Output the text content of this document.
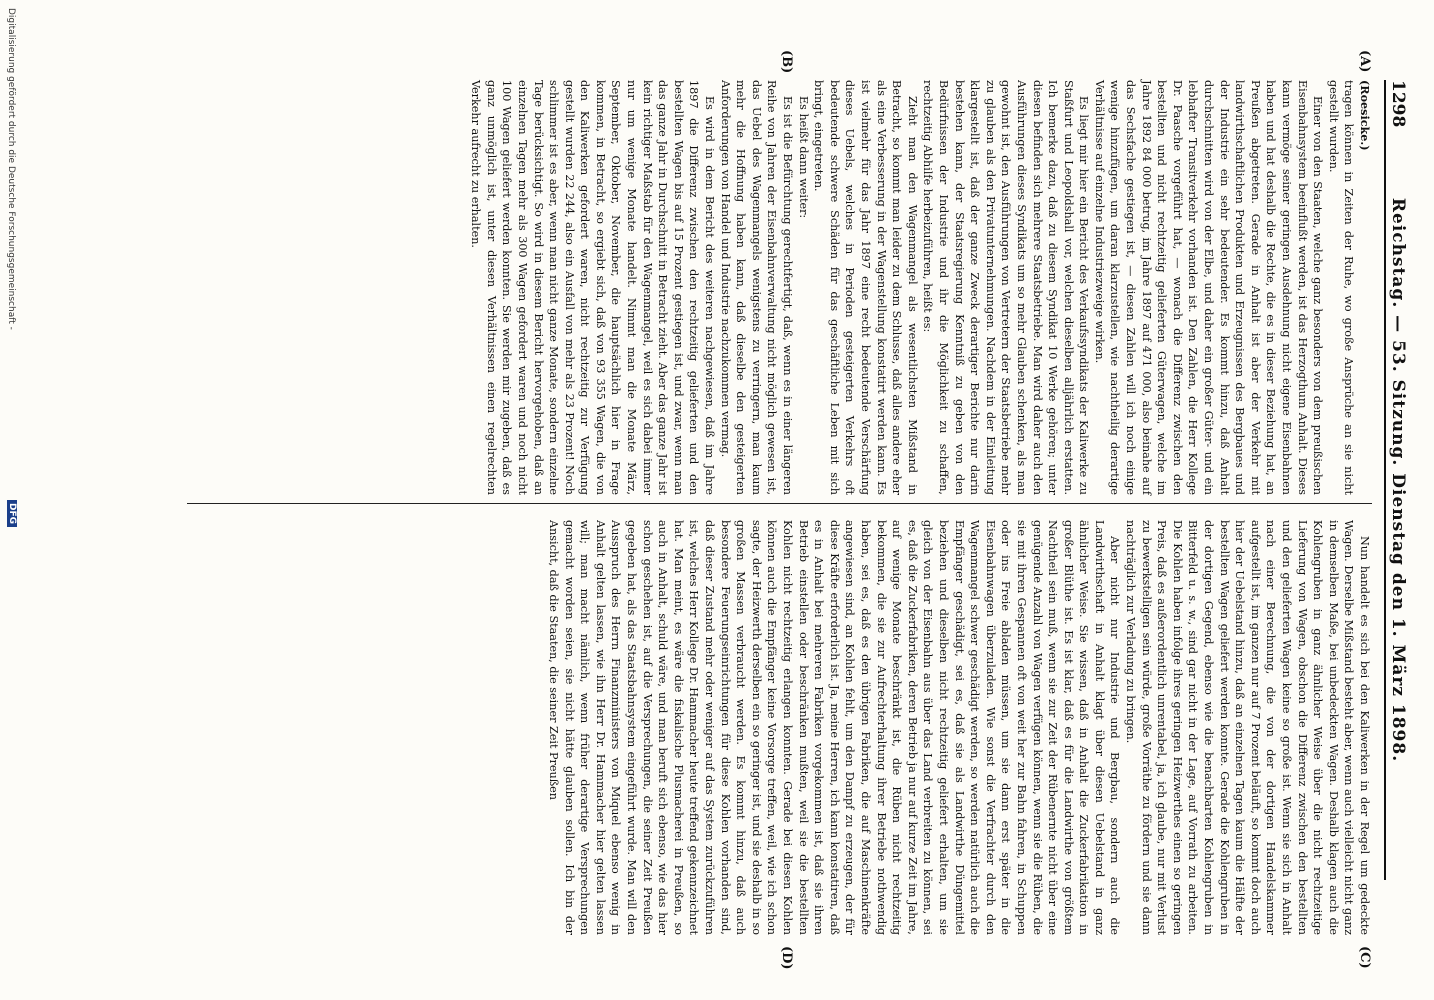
1298
Reichstag. — 53. Sitzung. Dienstag den 1. März 1898.
(A)
(B)
(C)
(D)

(Roesicke.)
tragen können in Zeiten der Ruhe, wo große Ansprüche an sie nicht gestellt wurden.

Einer von den Staaten, welche ganz besonders von dem preußischen Eisenbahnsystem beeinflußt werden, ist das Herzogthum Anhalt. Dieses kann vermöge seiner geringen Ausdehnung nicht eigene Eisenbahnen haben und hat deshalb die Rechte, die es in dieser Beziehung hat, an Preußen abgetreten. Gerade in Anhalt ist aber der Verkehr mit landwirthschaftlichen Produkten und Erzeugnissen des Bergbaues und der Industrie ein sehr bedeutender. Es kommt hinzu, daß Anhalt durchschnitten wird von der Elbe, und daher ein großer Güter- und ein lebhafter Transitverkehr vorhanden ist. Den Zahlen, die Herr Kollege Dr. Paasche vorgeführt hat, — wonach die Differenz zwischen den bestellten und nicht rechtzeitig gelieferten Güterwagen, welche im Jahre 1892 84 000 betrug, im Jahre 1897 auf 471 000, also beinahe auf das Sechsfache gestiegen ist, — diesen Zahlen will ich noch einige wenige hinzufügen, um daran klarzustellen, wie nachtheilig derartige Verhältnisse auf einzelne Industriezweige wirken.

Es liegt mir hier ein Bericht des Verkaufssyndikats der Kaliwerke zu Staßfurt und Leopoldshall vor, welchen dieselben alljährlich erstatten. Ich bemerke dazu, daß zu diesem Syndikat 10 Werke gehören; unter diesen befinden sich mehrere Staatsbetriebe. Man wird daher auch den Ausführungen dieses Syndikats um so mehr Glauben schenken, als man gewohnt ist, den Ausführungen von Vertretern der Staatsbetriebe mehr zu glauben als den Privatunternehmungen. Nachdem in der Einleitung klargestellt ist, daß der ganze Zweck derartiger Berichte nur darin bestehen kann, der Staatsregierung Kenntniß zu geben von den Bedürfnissen der Industrie und ihr die Möglichkeit zu schaffen, rechtzeitig Abhilfe herbeizuführen, heißt es:

Zieht man den Wagenmangel als wesentlichsten Mißstand in Betracht, so kommt man leider zu dem Schlusse, daß alles andere eher als eine Verbesserung in der Wagenstellung konstatirt werden kann. Es ist vielmehr für das Jahr 1897 eine recht bedeutende Verschärfung dieses Uebels, welches in Perioden gesteigerten Verkehrs oft bedeutende schwere Schäden für das geschäftliche Leben mit sich bringt, eingetreten.

Es heißt dann weiter:

Es ist die Befürchtung gerechtfertigt, daß, wenn es in einer längeren Reihe von Jahren der Eisenbahnverwaltung nicht möglich gewesen ist, das Uebel des Wagenmangels wenigstens zu verringern, man kaum mehr die Hoffnung haben kann, daß dieselbe den gesteigerten Anforderungen von Handel und Industrie nachzukommen vermag.

Es wird in dem Bericht des weiteren nachgewiesen, daß im Jahre 1897 die Differenz zwischen den rechtzeitig gelieferten und den bestellten Wagen bis auf 15 Prozent gestiegen ist, und zwar, wenn man das ganze Jahr in Durchschnitt in Betracht zieht. Aber das ganze Jahr ist kein richtiger Maßstab für den Wagenmangel, weil es sich dabei immer nur um wenige Monate handelt. Nimmt man die Monate März, September, Oktober, November, die hauptsächlich hier in Frage kommen, in Betracht, so ergiebt sich, daß von 93 355 Wagen, die von den Kaliwerken gefordert waren, nicht rechtzeitig zur Verfügung gestellt wurden 22 244, also ein Ausfall von mehr als 23 Prozent! Noch schlimmer ist es aber, wenn man nicht ganze Monate, sondern einzelne Tage berücksichtigt. So wird in diesem Bericht hervorgehoben, daß an einzelnen Tagen mehr als 300 Wagen gefordert waren und noch nicht 100 Wagen geliefert werden konnten. Sie werden mir zugeben, daß es ganz unmöglich ist, unter diesen Verhältnissen einen regelrechten Verkehr aufrecht zu erhalten.

Nun handelt es sich bei den Kaliwerken in der Regel um gedeckte Wagen. Derselbe Mißstand besteht aber, wenn auch vielleicht nicht ganz in demselben Maße, bei unbedeckten Wagen. Deshalb klagen auch die Kohlengruben in ganz ähnlicher Weise über die nicht rechtzeitige Lieferung von Wagen, obschon die Differenz zwischen den bestellten und den gelieferten Wagen keine so große ist. Wenn sie sich in Anhalt nach einer Berechnung, die von der dortigen Handelskammer aufgestellt ist, im ganzen nur auf 7 Prozent beläuft, so kommt doch auch hier der Uebelstand hinzu, daß an einzelnen Tagen kaum die Hälfte der bestellten Wagen geliefert werden konnte. Gerade die Kohlengruben in der dortigen Gegend, ebenso wie die benachbarten Kohlengruben in Bitterfeld u. s. w., sind gar nicht in der Lage, auf Vorrath zu arbeiten. Die Kohlen haben infolge ihres geringen Heizwerthes einen so geringen Preis, daß es außerordentlich unrentabel, ja, ich glaube, nur mit Verlust zu bewerkstelligen sein würde, große Vorräthe zu fördern und sie dann nachträglich zur Verladung zu bringen.

Aber nicht nur Industrie und Bergbau, sondern auch die Landwirthschaft in Anhalt klagt über diesen Uebelstand in ganz ähnlicher Weise. Sie wissen, daß in Anhalt die Zuckerfabrikation in großer Blüthe ist. Es ist klar, daß es für die Landwirthe von größtem Nachtheil sein muß, wenn sie zur Zeit der Rübenernte nicht über eine genügende Anzahl von Wagen verfügen können, wenn sie die Rüben, die sie mit ihren Gespannen oft von weit her zur Bahn fahren, in Schuppen oder ins Freie abladen müssen, um sie dann erst später in die Eisenbahnwagen überzuladen. Wie sonst die Verfrachter durch den Wagenmangel schwer geschädigt werden, so werden natürlich auch die Empfänger geschädigt, sei es, daß sie als Landwirthe Düngemittel beziehen und dieselben nicht rechtzeitig geliefert erhalten, um sie gleich von der Eisenbahn aus über das Land verbreiten zu können, sei es, daß die Zuckerfabriken, deren Betrieb ja nur auf kurze Zeit im Jahre, auf wenige Monate beschränkt ist, die Rüben nicht rechtzeitig bekommen, die sie zur Aufrechterhaltung ihrer Betriebe nothwendig haben, sei es, daß es den übrigen Fabriken, die auf Maschinenkräfte angewiesen sind, an Kohlen fehlt, um den Dampf zu erzeugen, der für diese Kräfte erforderlich ist. Ja, meine Herren, ich kann konstatiren, daß es in Anhalt bei mehreren Fabriken vorgekommen ist, daß sie ihren Betrieb einstellen oder beschränken mußten, weil sie die bestellten Kohlen nicht rechtzeitig erlangen konnten. Gerade bei diesen Kohlen können auch die Empfänger keine Vorsorge treffen, weil, wie ich schon sagte, der Heizwerth derselben ein so geringer ist, und sie deshalb in so großen Massen verbraucht werden. Es kommt hinzu, daß auch besondere Feuerungseinrichtungen für diese Kohlen vorhanden sind, daß dieser Zustand mehr oder weniger auf das System zurückzuführen ist, welches Herr Kollege Dr. Hammacher heute treffend gekennzeichnet hat. Man meint, es wäre die fiskalische Plusmacherei in Preußen, so auch in Anhalt, schuld wäre, und man beruft sich ebenso, wie das hier schon geschehen ist, auf die Versprechungen, die seiner Zeit Preußen gegeben hat, als das Staatsbahnsystem eingeführt wurde. Man will den Ausspruch des Herrn Finanzministers von Miquel ebenso wenig in Anhalt gelten lassen, wie ihn Herr Dr. Hammacher hier gelten lassen will; man macht nämlich, wenn früher derartige Versprechungen gemacht worden seien, sie nicht hätte glauben sollen. Ich bin der Ansicht, daß die Staaten, die seiner Zeit Preußen

Digitalisierung gefördert durch die Deutsche Forschungsgemeinschaft -
DFG
